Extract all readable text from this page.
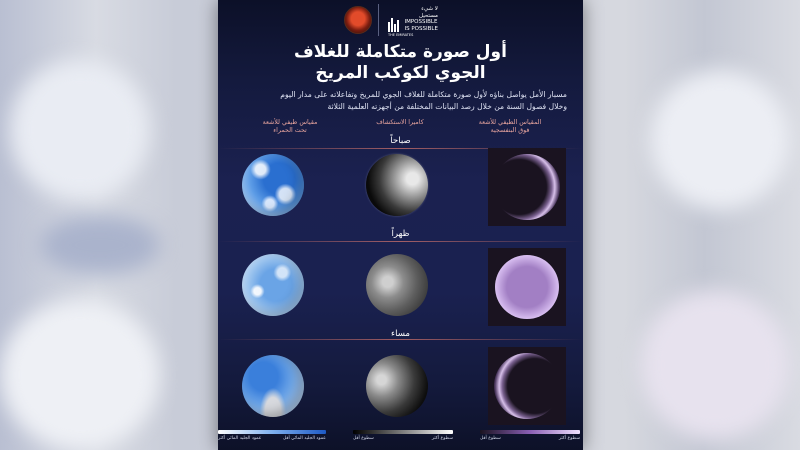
لا شيء
مستحيل
IMPOSSIBLE
IS POSSIBLE
THE EMIRATES
أول صورة متكاملة للغلاف
الجوي لكوكب المريخ
مسبار الأمل يواصل بناؤه لأول صورة متكاملة للغلاف الجوي للمريخ وتفاعلاته على مدار اليوم
وخلال فصول السنة من خلال رصد البيانات المختلفة من أجهزته العلمية الثلاثة
مقياس طيفي للأشعة
تحت الحمراء
كاميرا الاستكشاف	المقياس الطيفي للأشعة
فوق البنفسجية
صباحاً
ظهراً
مساء
عمود الجليد المائي أكثر	عمود الجليد المائي أقل	سطوع أقل	سطوع أكثر	سطوع أقل	سطوع أكثر
